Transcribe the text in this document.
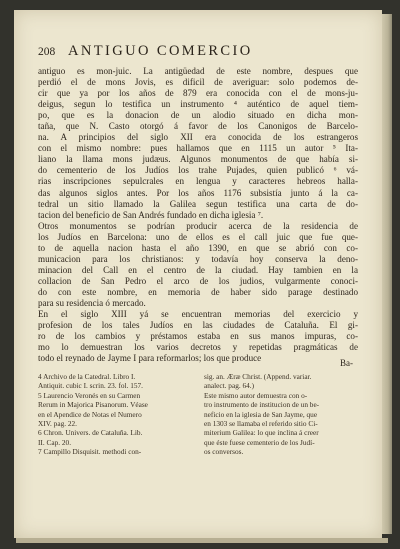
208 ANTIGUO COMERCIO
antiguo es mon-juic. La antigüedad de este nombre, despues que
perdió el de mons Jovis, es dificil de averiguar: solo podemos de-
cir que ya por los años de 879 era conocida con el de mons-ju-
deigus, segun lo testifica un instrumento ⁴ auténtico de aquel tiem-
po, que es la donacion de un alodio situado en dicha mon-
taña, que N. Casto otorgó á favor de los Canonigos de Barcelo-
na. A principios del siglo XII era conocida de los estrangeros
con el mismo nombre: pues hallamos que en 1115 un autor ⁵ Ita-
liano la llama mons judæus. Algunos monumentos de que había si-
do cementerio de los Judíos los trahe Pujades, quien publicó ⁶ vá-
rias inscripciones sepulcrales en lengua y caracteres hebreos halla-
das algunos siglos antes. Por los años 1176 subsistía junto á la ca-
tedral un sitio llamado la Galilea segun testifica una carta de do-
tacion del beneficio de San Andrés fundado en dicha iglesia ⁷.
Otros monumentos se podrían producir acerca de la residencia de
los Judíos en Barcelona: uno de ellos es el call juic que fue que-
to de aquella nacion hasta el año 1390, en que se abrió con co-
municacion para los christianos: y todavía hoy conserva la deno-
minacion del Call en el centro de la ciudad. Hay tambien en la
collacion de San Pedro el arco de los judios, vulgarmente conoci-
do con este nombre, en memoria de haber sido parage destinado
para su residencia ó mercado.
En el siglo XIII yá se encuentran memorias del exercicio y
profesion de los tales Judíos en las ciudades de Cataluña. El gi-
ro de los cambios y préstamos estaba en sus manos impuras, co-
mo lo demuestran los varios decretos y repetidas pragmáticas de
todo el reynado de Jayme I para reformarlos; los que produce	Ba-
4 Archivo de la Catedral. Libro I.
Antiquit. cubic I. scrin. 23. fol. 157.
5 Laurencio Veronés en su Carmen
Rerum in Majorica Pisanorum. Véase
en el Apendice de Notas el Numero
XIV. pag. 22.
6 Chron. Univers. de Cataluña. Lib.
II. Cap. 20.
7 Campillo Disquisit. methodi con-
sig. an. Æræ Christ. (Append. variar.
analect. pag. 64.)
Este mismo autor demuestra con o-
tro instrumento de institucion de un be-
neficio en la iglesia de San Jayme, que
en 1303 se llamaba el referido sitio Ci-
miterium Galilea: lo que inclina á creer
que éste fuese cementerio de los Judí-
os conversos.
